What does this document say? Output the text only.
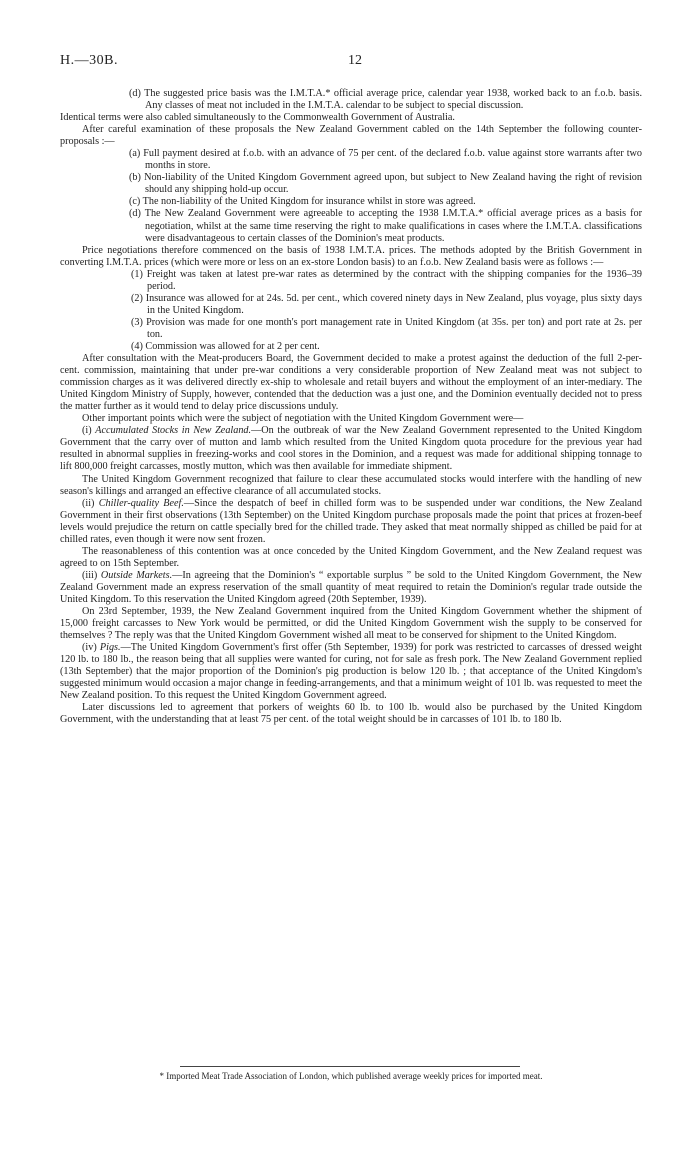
H.—30B.	12

(d) The suggested price basis was the I.M.T.A.* official average price, calendar year 1938, worked back to an f.o.b. basis. Any classes of meat not included in the I.M.T.A. calendar to be subject to special discussion.

Identical terms were also cabled simultaneously to the Commonwealth Government of Australia.

After careful examination of these proposals the New Zealand Government cabled on the 14th September the following counter-proposals :—

(a) Full payment desired at f.o.b. with an advance of 75 per cent. of the declared f.o.b. value against store warrants after two months in store.

(b) Non-liability of the United Kingdom Government agreed upon, but subject to New Zealand having the right of revision should any shipping hold-up occur.

(c) The non-liability of the United Kingdom for insurance whilst in store was agreed.

(d) The New Zealand Government were agreeable to accepting the 1938 I.M.T.A.* official average prices as a basis for negotiation, whilst at the same time reserving the right to make qualifications in cases where the I.M.T.A. classifications were disadvantageous to certain classes of the Dominion's meat products.

Price negotiations therefore commenced on the basis of 1938 I.M.T.A. prices. The methods adopted by the British Government in converting I.M.T.A. prices (which were more or less on an ex-store London basis) to an f.o.b. New Zealand basis were as follows :—

(1) Freight was taken at latest pre-war rates as determined by the contract with the shipping companies for the 1936–39 period.

(2) Insurance was allowed for at 24s. 5d. per cent., which covered ninety days in New Zealand, plus voyage, plus sixty days in the United Kingdom.

(3) Provision was made for one month's port management rate in United Kingdom (at 35s. per ton) and port rate at 2s. per ton.

(4) Commission was allowed for at 2 per cent.

After consultation with the Meat-producers Board, the Government decided to make a protest against the deduction of the full 2-per-cent. commission, maintaining that under pre-war conditions a very considerable proportion of New Zealand meat was not subject to commission charges as it was delivered directly ex-ship to wholesale and retail buyers and without the employment of an inter-mediary. The United Kingdom Ministry of Supply, however, contended that the deduction was a just one, and the Dominion eventually decided not to press the matter further as it would tend to delay price discussions unduly.

Other important points which were the subject of negotiation with the United Kingdom Government were—

(i) Accumulated Stocks in New Zealand.—On the outbreak of war the New Zealand Government represented to the United Kingdom Government that the carry over of mutton and lamb which resulted from the United Kingdom quota procedure for the previous year had resulted in abnormal supplies in freezing-works and cool stores in the Dominion, and a request was made for additional shipping tonnage to lift 800,000 freight carcasses, mostly mutton, which was then available for immediate shipment.

The United Kingdom Government recognized that failure to clear these accumulated stocks would interfere with the handling of new season's killings and arranged an effective clearance of all accumulated stocks.

(ii) Chiller-quality Beef.—Since the despatch of beef in chilled form was to be suspended under war conditions, the New Zealand Government in their first observations (13th September) on the United Kingdom purchase proposals made the point that prices at frozen-beef levels would prejudice the return on cattle specially bred for the chilled trade. They asked that meat normally shipped as chilled be paid for at chilled rates, even though it were now sent frozen.

The reasonableness of this contention was at once conceded by the United Kingdom Government, and the New Zealand request was agreed to on 15th September.

(iii) Outside Markets.—In agreeing that the Dominion's “ exportable surplus ” be sold to the United Kingdom Government, the New Zealand Government made an express reservation of the small quantity of meat required to retain the Dominion's regular trade outside the United Kingdom. To this reservation the United Kingdom agreed (20th September, 1939).

On 23rd September, 1939, the New Zealand Government inquired from the United Kingdom Government whether the shipment of 15,000 freight carcasses to New York would be permitted, or did the United Kingdom Government wish the supply to be conserved for themselves ? The reply was that the United Kingdom Government wished all meat to be conserved for shipment to the United Kingdom.

(iv) Pigs.—The United Kingdom Government's first offer (5th September, 1939) for pork was restricted to carcasses of dressed weight 120 lb. to 180 lb., the reason being that all supplies were wanted for curing, not for sale as fresh pork. The New Zealand Government replied (13th September) that the major proportion of the Dominion's pig production is below 120 lb. ; that acceptance of the United Kingdom's suggested minimum would occasion a major change in feeding-arrangements, and that a minimum weight of 101 lb. was requested to meet the New Zealand position. To this request the United Kingdom Government agreed.

Later discussions led to agreement that porkers of weights 60 lb. to 100 lb. would also be purchased by the United Kingdom Government, with the understanding that at least 75 per cent. of the total weight should be in carcasses of 101 lb. to 180 lb.

* Imported Meat Trade Association of London, which published average weekly prices for imported meat.
